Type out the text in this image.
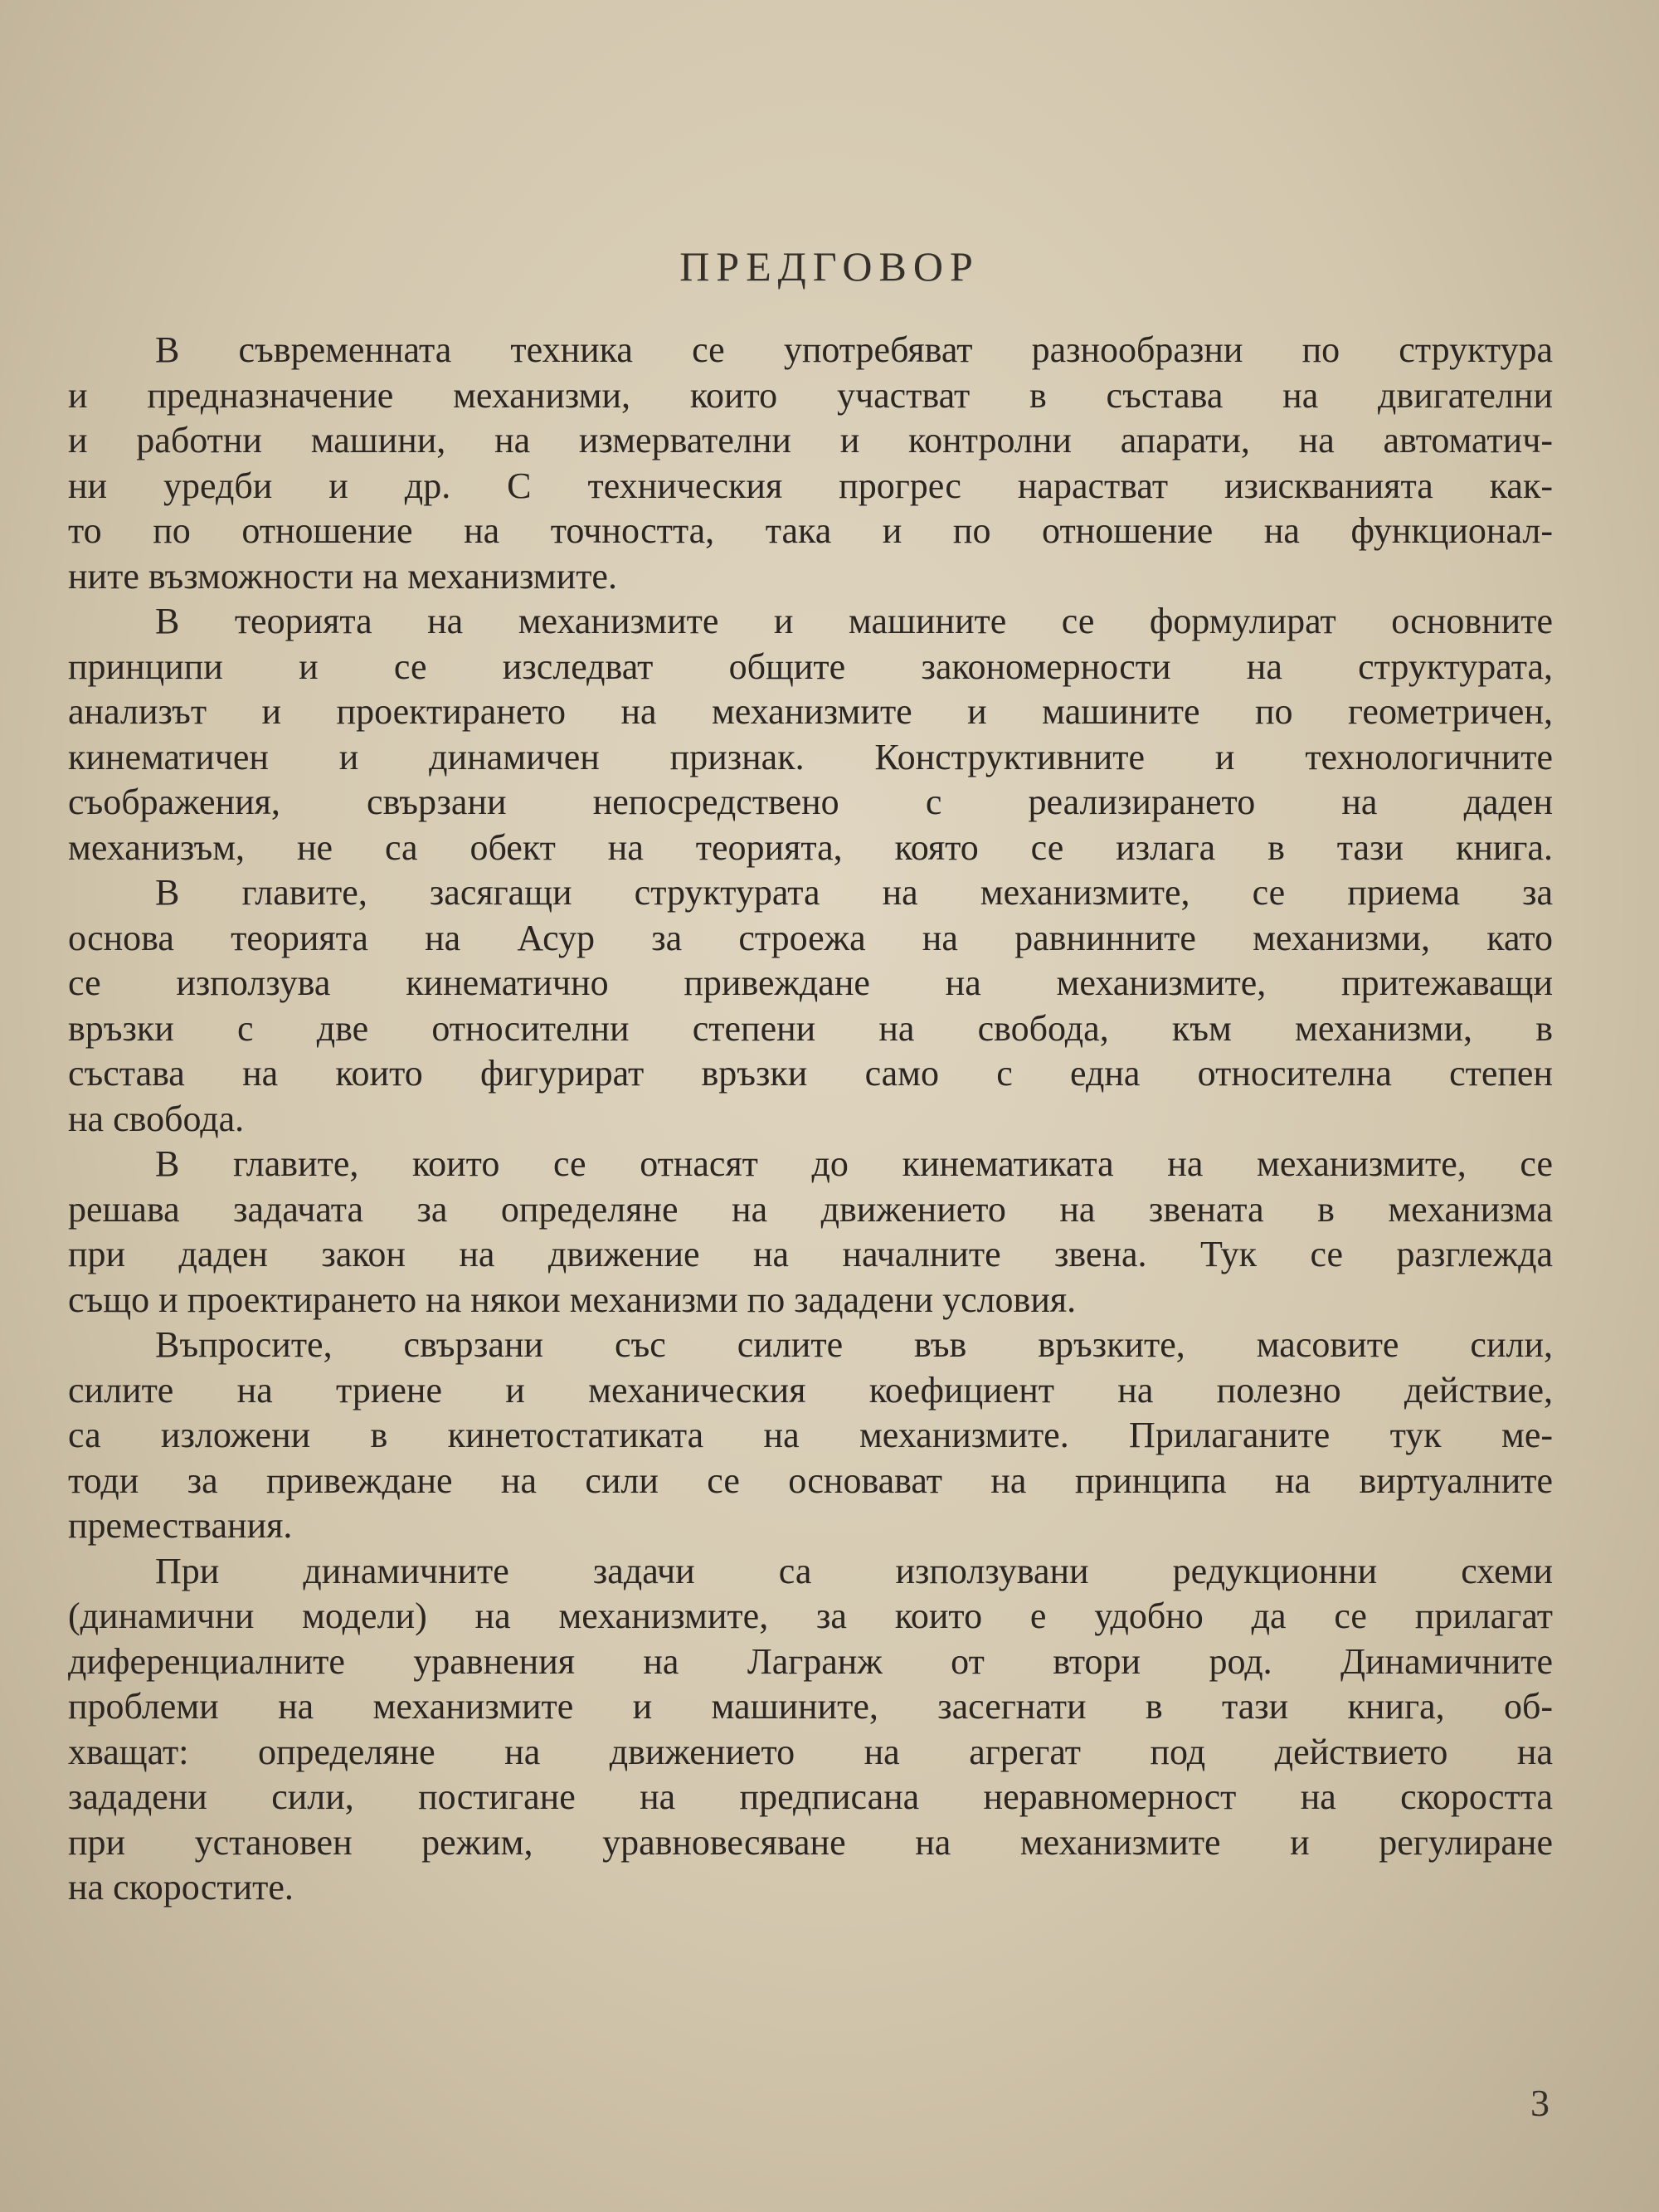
ПРЕДГОВОР
В съвременната техника се употребяват разнообразни по структура
и предназначение механизми, които участват в състава на двигателни
и работни машини, на измервателни и контролни апарати, на автоматич-
ни уредби и др. С техническия прогрес нарастват изискванията как-
то по отношение на точността, така и по отношение на функционал-
ните възможности на механизмите.
В теорията на механизмите и машините се формулират основните
принципи и се изследват общите закономерности на структурата,
анализът и проектирането на механизмите и машините по геометричен,
кинематичен и динамичен признак. Конструктивните и технологичните
съображения, свързани непосредствено с реализирането на даден
механизъм, не са обект на теорията, която се излага в тази книга.
В главите, засягащи структурата на механизмите, се приема за
основа теорията на Асур за строежа на равнинните механизми, като
се използува кинематично привеждане на механизмите, притежаващи
връзки с две относителни степени на свобода, към механизми, в
състава на които фигурират връзки само с една относителна степен
на свобода.
В главите, които се отнасят до кинематиката на механизмите, се
решава задачата за определяне на движението на звената в механизма
при даден закон на движение на началните звена. Тук се разглежда
също и проектирането на някои механизми по зададени условия.
Въпросите, свързани със силите във връзките, масовите сили,
силите на триене и механическия коефициент на полезно действие,
са изложени в кинетостатиката на механизмите. Прилаганите тук ме-
тоди за привеждане на сили се основават на принципа на виртуалните
премествания.
При динамичните задачи са използувани редукционни схеми
(динамични модели) на механизмите, за които е удобно да се прилагат
диференциалните уравнения на Лагранж от втори род. Динамичните
проблеми на механизмите и машините, засегнати в тази книга, об-
хващат: определяне на движението на агрегат под действието на
зададени сили, постигане на предписана неравномерност на скоростта
при установен режим, уравновесяване на механизмите и регулиране
на скоростите.
3
